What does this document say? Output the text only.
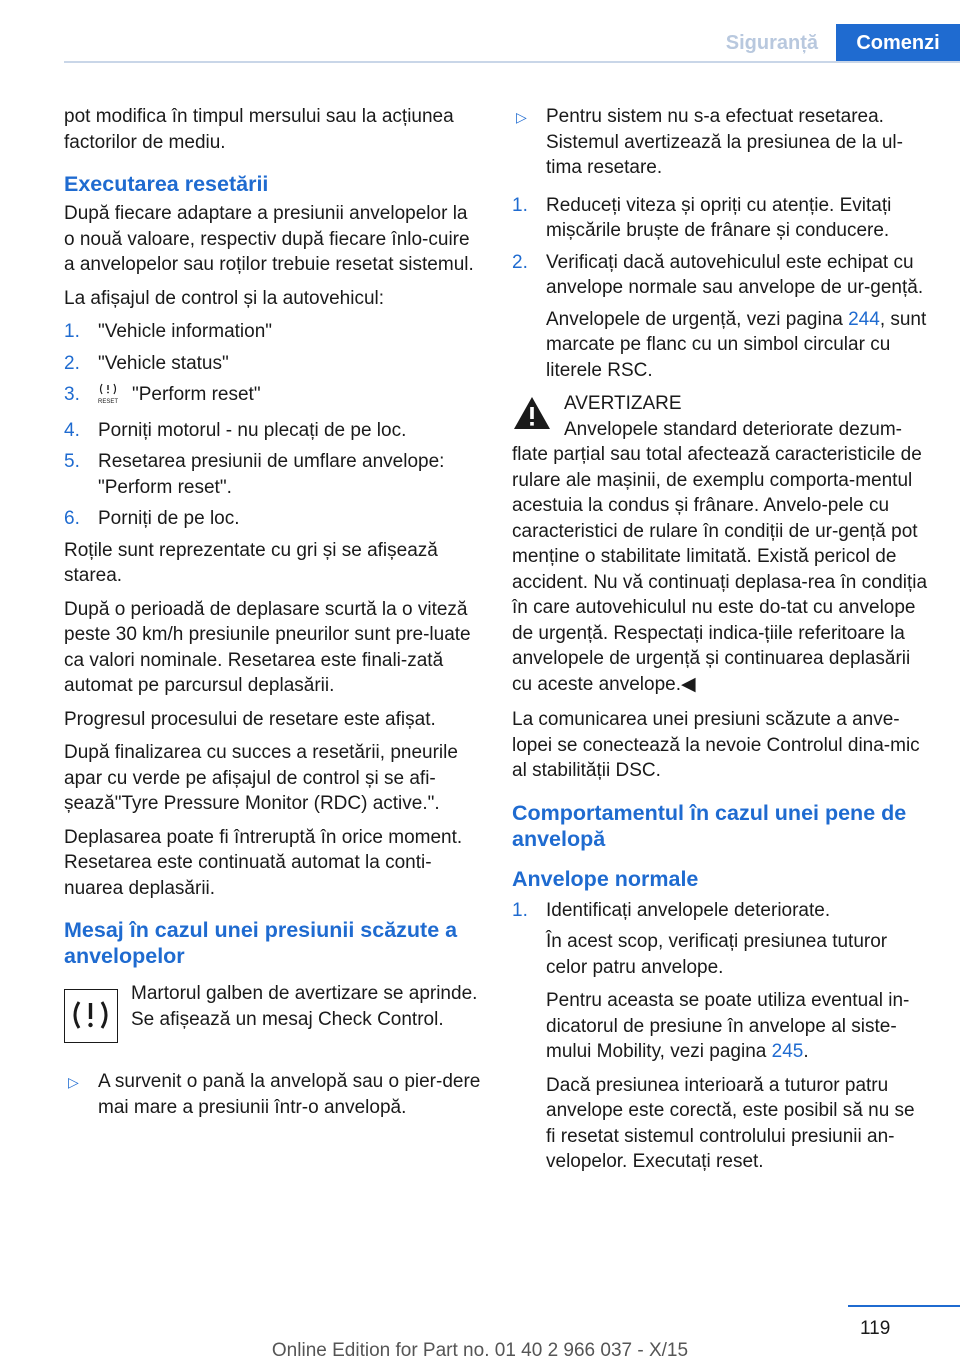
Siguranță	Comenzi

pot modifica în timpul mersului sau la acțiunea factorilor de mediu.

Executarea resetării

După fiecare adaptare a presiunii anvelopelor la o nouă valoare, respectiv după fiecare înlo‐cuire a anvelopelor sau roților trebuie resetat sistemul.

La afișajul de control și la autovehicul:

1. "Vehicle information"
2. "Vehicle status"
3.	RESET "Perform reset"
4. Porniți motorul - nu plecați de pe loc.
5. Resetarea presiunii de umflare anvelope: "Perform reset".
6. Porniți de pe loc.

Roțile sunt reprezentate cu gri și se afișează starea.

După o perioadă de deplasare scurtă la o viteză peste 30 km/h presiunile pneurilor sunt pre‐luate ca valori nominale. Resetarea este finali‐zată automat pe parcursul deplasării.

Progresul procesului de resetare este afișat.

După finalizarea cu succes a resetării, pneurile apar cu verde pe afișajul de control și se afi‐șează"Tyre Pressure Monitor (RDC) active.".

Deplasarea poate fi întreruptă în orice moment. Resetarea este continuată automat la conti‐nuarea deplasării.

Mesaj în cazul unei presiunii scăzute a anvelopelor
Martorul galben de avertizare se aprinde. Se afișează un mesaj Check Control.
▷ A survenit o pană la anvelopă sau o pier‐dere mai mare a presiunii într-o anvelopă.
▷ Pentru sistem nu s-a efectuat resetarea. Sistemul avertizează la presiunea de la ul‐tima resetare.
1. Reduceți viteza și opriți cu atenție. Evitați mișcările bruște de frânare și conducere.
2. Verificați dacă autovehiculul este echipat cu anvelope normale sau anvelope de ur‐gență.
Anvelopele de urgență, vezi pagina 244, sunt marcate pe flanc cu un simbol circular cu literele RSC.
AVERTIZARE
Anvelopele standard deteriorate dezum‐
flate parțial sau total afectează caracteristicile de rulare ale mașinii, de exemplu comporta‐mentul acestuia la condus și frânare. Anvelo‐pele cu caracteristici de rulare în condiții de ur‐gență pot menține o stabilitate limitată. Există pericol de accident. Nu vă continuați deplasa‐rea în condiția în care autovehiculul nu este do‐tat cu anvelope de urgență. Respectați indica‐țiile referitoare la anvelopele de urgență și continuarea deplasării cu aceste anvelope.◀

La comunicarea unei presiuni scăzute a anve‐lopei se conectează la nevoie Controlul dina‐mic al stabilității DSC.

Comportamentul în cazul unei pene de anvelopă
Anvelope normale
1. Identificați anvelopele deteriorate.
În acest scop, verificați presiunea tuturor celor patru anvelope.
Pentru aceasta se poate utiliza eventual in‐dicatorul de presiune în anvelope al siste‐mului Mobility, vezi pagina 245.
Dacă presiunea interioară a tuturor patru anvelope este corectă, este posibil să nu se fi resetat sistemul controlului presiunii an‐velopelor. Executați reset.
119
Online Edition for Part no. 01 40 2 966 037 - X/15
